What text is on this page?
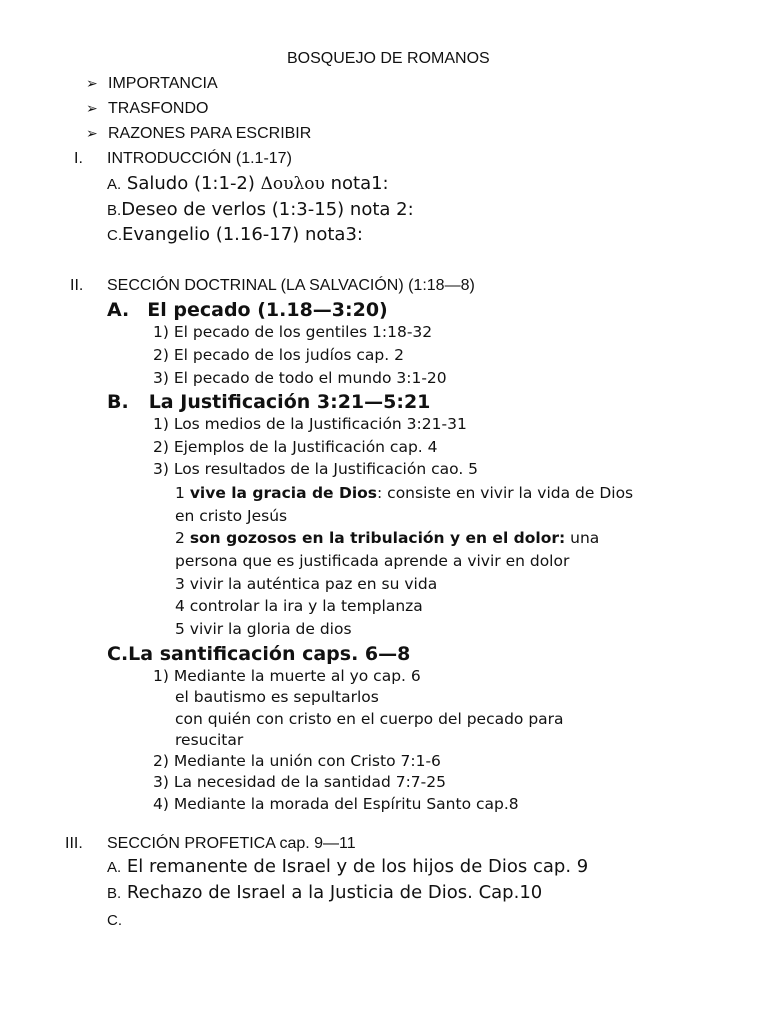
BOSQUEJO DE ROMANOS
➢ IMPORTANCIA
➢ TRASFONDO
➢ RAZONES PARA ESCRIBIR
I. INTRODUCCIÓN (1.1-17)
A. Saludo (1:1-2) Δουλου nota1:
B.Deseo de verlos (1:3-15) nota 2:
C.Evangelio (1.16-17) nota3:
II. SECCIÓN DOCTRINAL (LA SALVACIÓN) (1:18—8)
A. El pecado (1.18—3:20)
1) El pecado de los gentiles 1:18-32
2) El pecado de los judíos cap. 2
3) El pecado de todo el mundo 3:1-20
B. La Justificación 3:21—5:21
1) Los medios de la Justificación 3:21-31
2) Ejemplos de la Justificación cap. 4
3) Los resultados de la Justificación cao. 5
1 vive la gracia de Dios: consiste en vivir la vida de Dios
en cristo Jesús
2 son gozosos en la tribulación y en el dolor: una
persona que es justificada aprende a vivir en dolor
3 vivir la auténtica paz en su vida
4 controlar la ira y la templanza
5 vivir la gloria de dios
C.La santificación caps. 6—8
1) Mediante la muerte al yo cap. 6
el bautismo es sepultarlos
con quién con cristo en el cuerpo del pecado para
resucitar
2) Mediante la unión con Cristo 7:1-6
3) La necesidad de la santidad 7:7-25
4) Mediante la morada del Espíritu Santo cap.8
III. SECCIÓN PROFETICA cap. 9—11
A. El remanente de Israel y de los hijos de Dios cap. 9
B. Rechazo de Israel a la Justicia de Dios. Cap.10
C.
